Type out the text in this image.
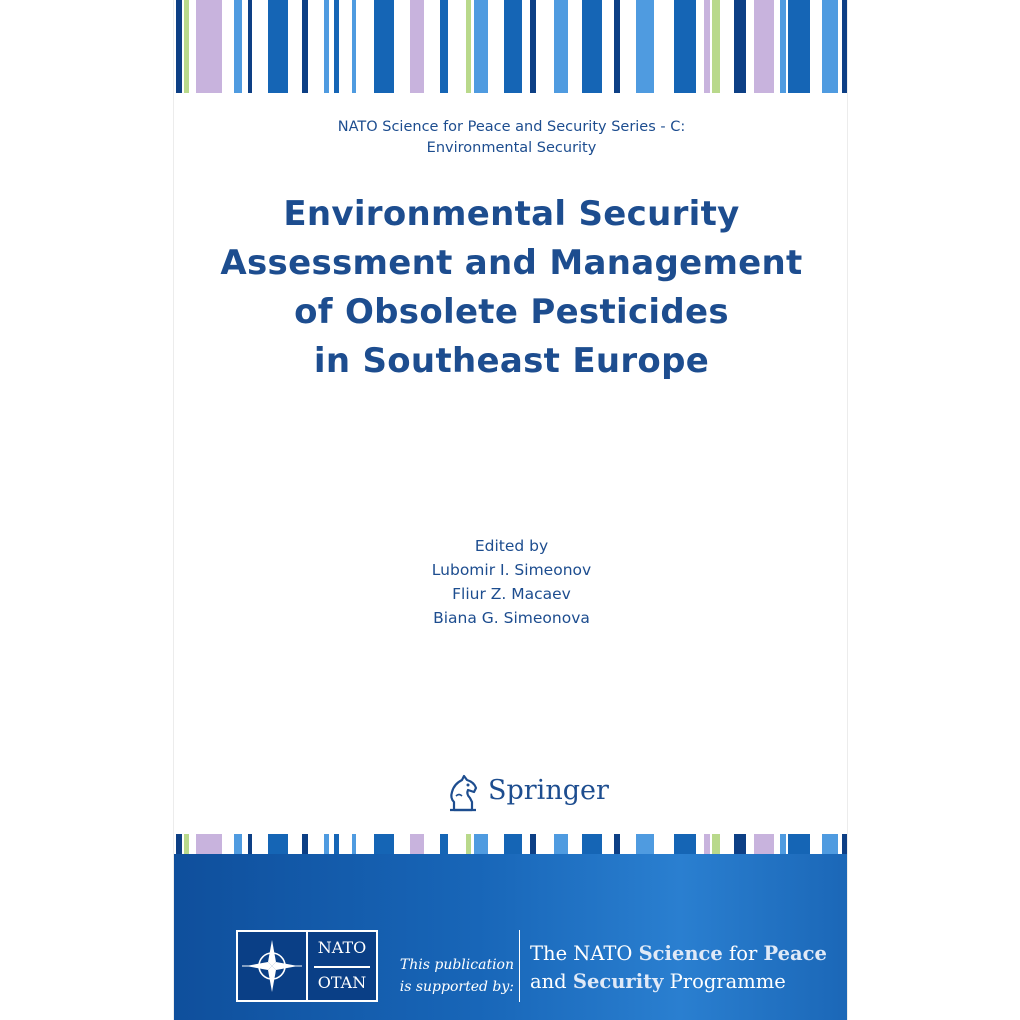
NATO Science for Peace and Security Series - C:
Environmental Security
Environmental Security
Assessment and Management
of Obsolete Pesticides
in Southeast Europe
Edited by
Lubomir I. Simeonov
Fliur Z. Macaev
Biana G. Simeonova
Springer
NATO
OTAN
This publication
is supported by:
The NATO Science for Peace
and Security Programme
